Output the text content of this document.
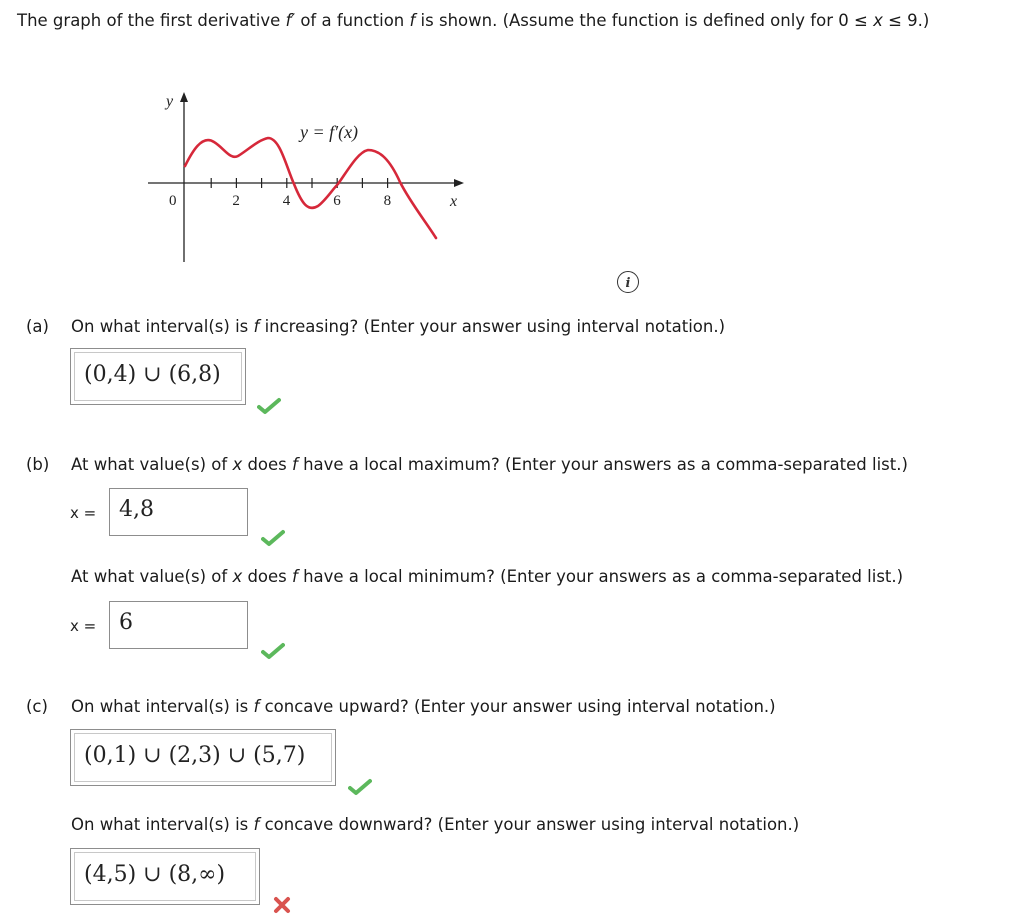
The graph of the first derivative f′ of a function f is shown. (Assume the function is defined only for 0 ≤ x ≤ 9.)
2	4	6	8
y
x
0
y = f′(x)
i
(a) On what interval(s) is f increasing? (Enter your answer using interval notation.)
(0,4) ∪ (6,8)
(b) At what value(s) of x does f have a local maximum? (Enter your answers as a comma-separated list.)
x = 4,8
At what value(s) of x does f have a local minimum? (Enter your answers as a comma-separated list.)
x = 6
(c) On what interval(s) is f concave upward? (Enter your answer using interval notation.)
(0,1) ∪ (2,3) ∪ (5,7)
On what interval(s) is f concave downward? (Enter your answer using interval notation.)
(4,5) ∪ (8,∞)
